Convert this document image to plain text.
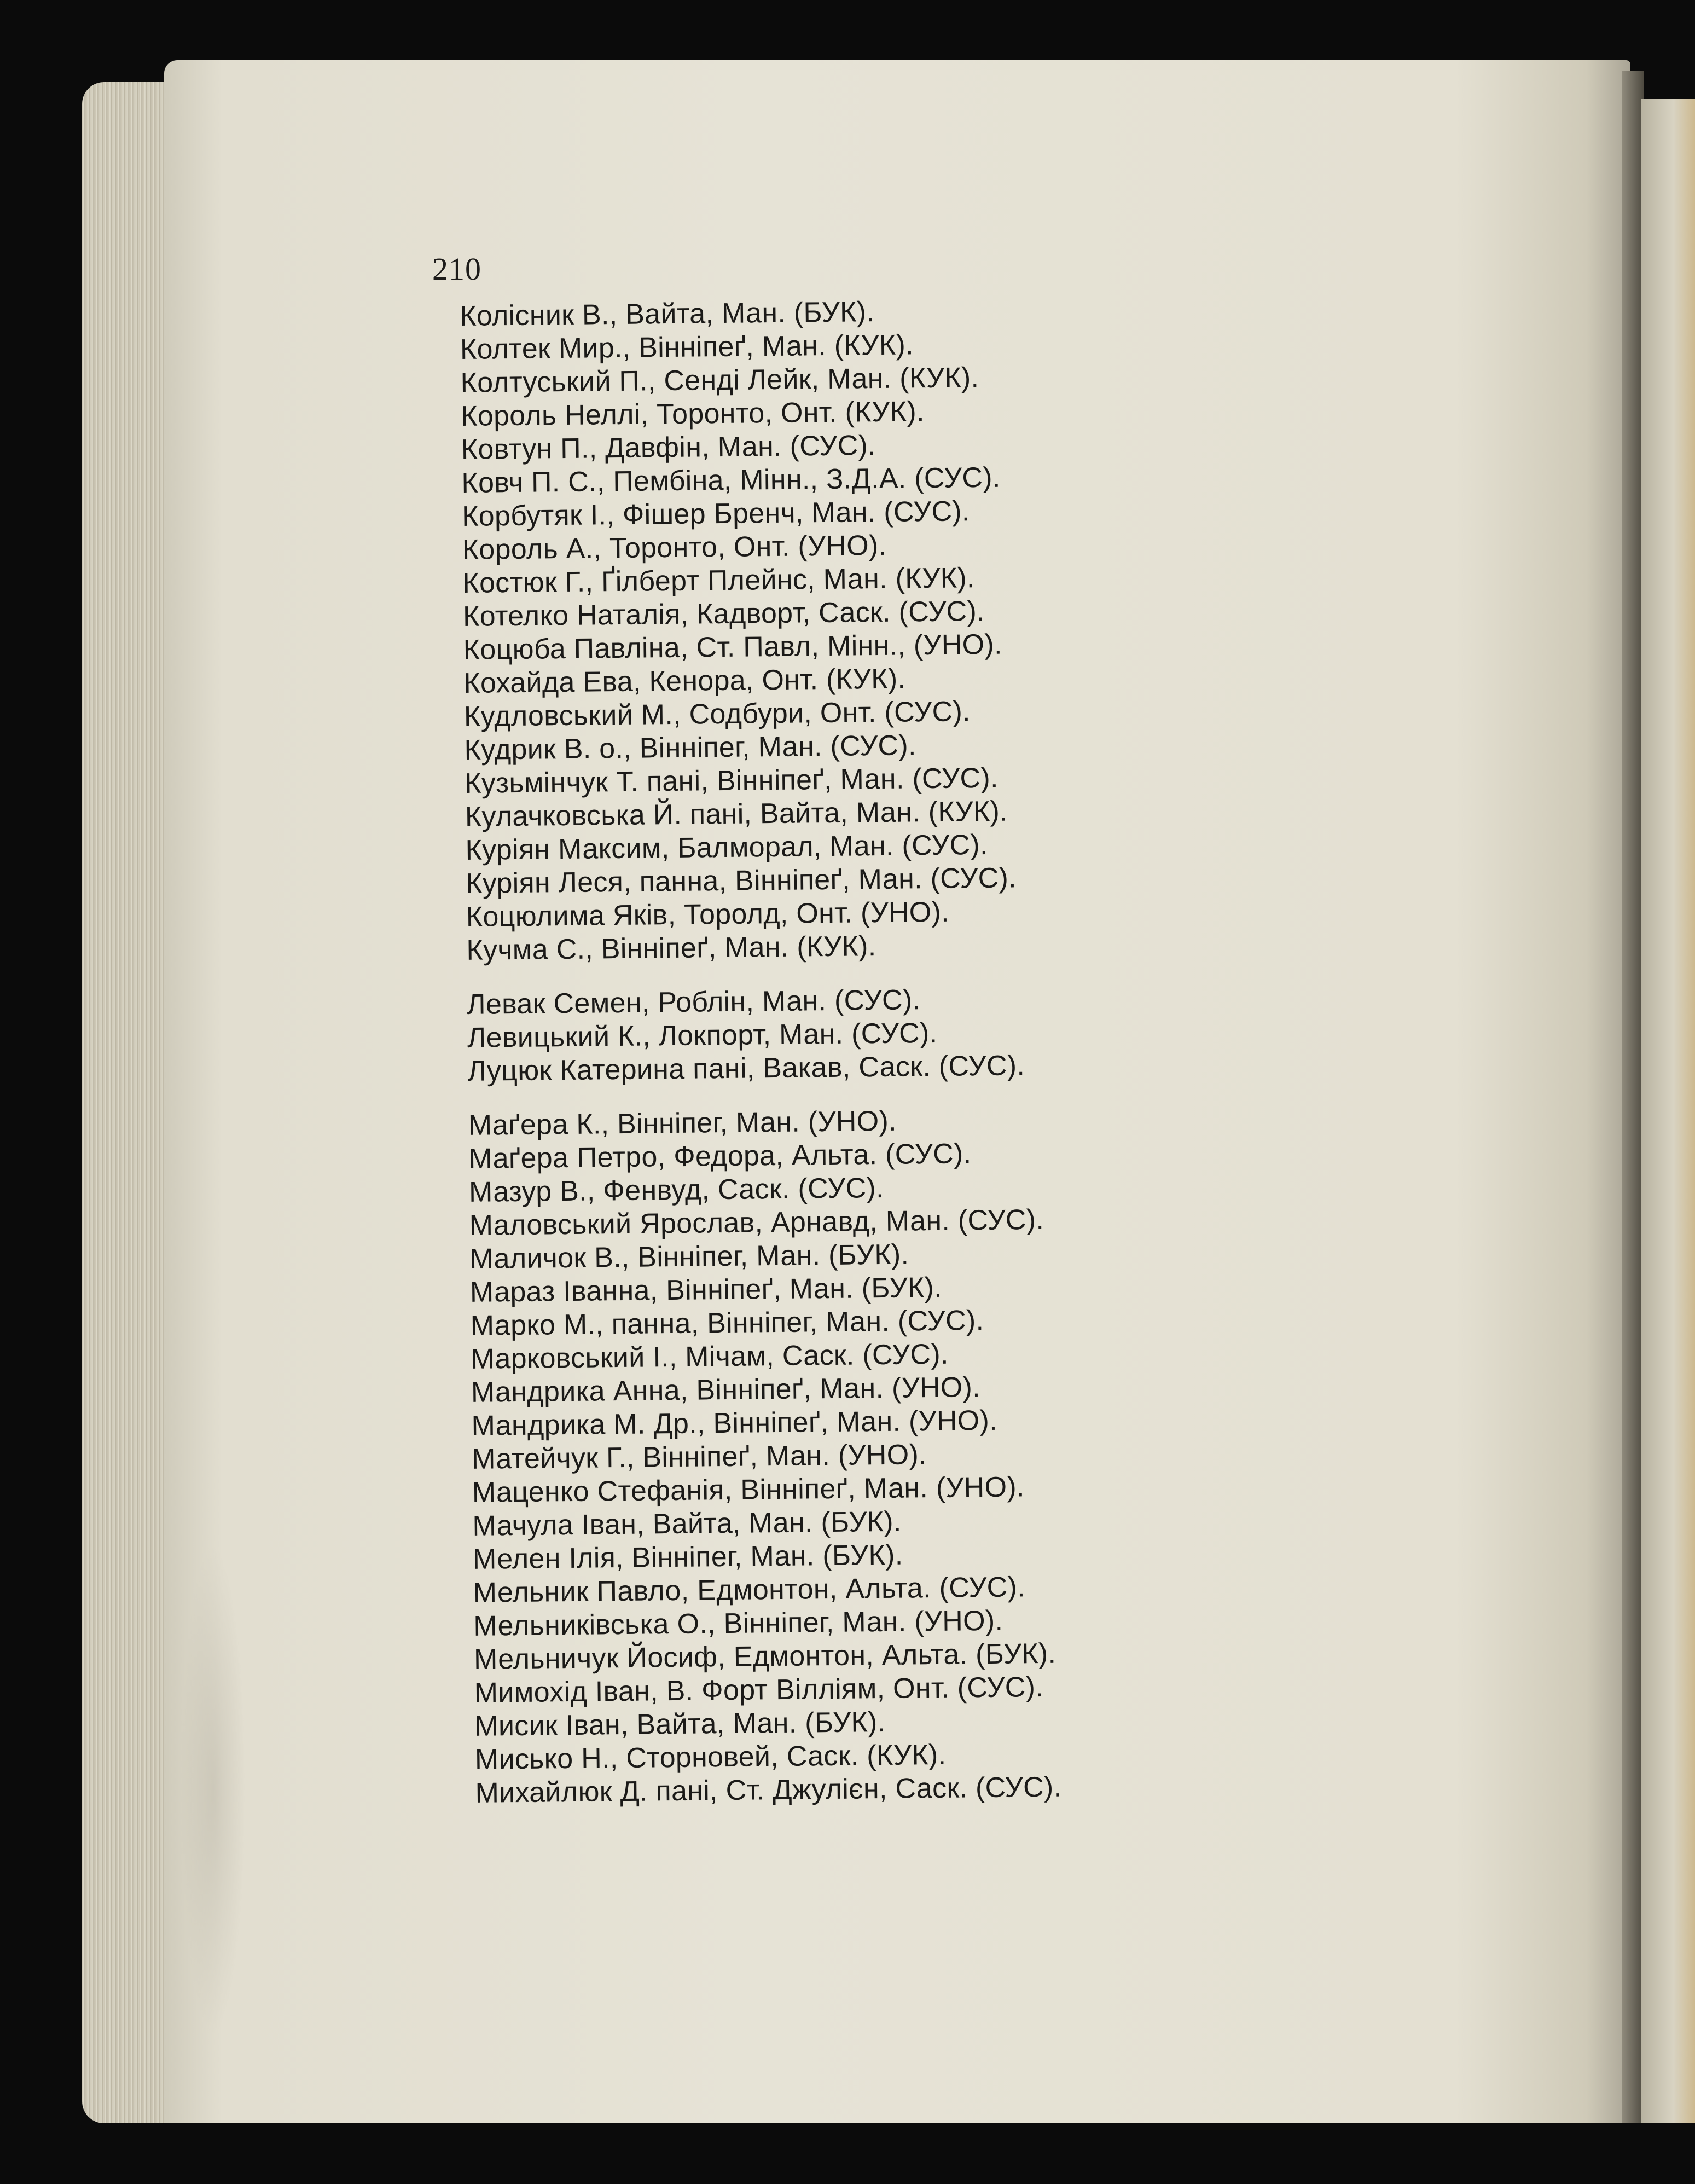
210
Колісник В., Вайта, Ман. (БУК).
Колтек Мир., Вінніпеґ, Ман. (КУК).
Колтуський П., Сенді Лейк, Ман. (КУК).
Король Неллі, Торонто, Онт. (КУК).
Ковтун П., Давфін, Ман. (СУС).
Ковч П. С., Пембіна, Мінн., З.Д.А. (СУС).
Корбутяк І., Фішер Бренч, Ман. (СУС).
Король А., Торонто, Онт. (УНО).
Костюк Г., Ґілберт Плейнс, Ман. (КУК).
Котелко Наталія, Кадворт, Саск. (СУС).
Коцюба Павліна, Ст. Павл, Мінн., (УНО).
Кохайда Ева, Кенора, Онт. (КУК).
Кудловський М., Содбури, Онт. (СУС).
Кудрик В. о., Вінніпег, Ман. (СУС).
Кузьмінчук Т. пані, Вінніпеґ, Ман. (СУС).
Кулачковська Й. пані, Вайта, Ман. (КУК).
Куріян Максим, Балморал, Ман. (СУС).
Куріян Леся, панна, Вінніпеґ, Ман. (СУС).
Коцюлима Яків, Торолд, Онт. (УНО).
Кучма С., Вінніпеґ, Ман. (КУК).
Левак Семен, Роблін, Ман. (СУС).
Левицький К., Локпорт, Ман. (СУС).
Луцюк Катерина пані, Вакав, Саск. (СУС).
Маґера К., Вінніпег, Ман. (УНО).
Маґера Петро, Федора, Альта. (СУС).
Мазур В., Фенвуд, Саск. (СУС).
Маловський Ярослав, Арнавд, Ман. (СУС).
Маличок В., Вінніпег, Ман. (БУК).
Мараз Іванна, Вінніпеґ, Ман. (БУК).
Марко М., панна, Вінніпег, Ман. (СУС).
Марковський І., Мічам, Саск. (СУС).
Мандрика Анна, Вінніпеґ, Ман. (УНО).
Мандрика М. Др., Вінніпеґ, Ман. (УНО).
Матейчук Г., Вінніпеґ, Ман. (УНО).
Маценко Стефанія, Вінніпеґ, Ман. (УНО).
Мачула Іван, Вайта, Ман. (БУК).
Мелен Ілія, Вінніпег, Ман. (БУК).
Мельник Павло, Едмонтон, Альта. (СУС).
Мельниківська О., Вінніпег, Ман. (УНО).
Мельничук Йосиф, Едмонтон, Альта. (БУК).
Мимохід Іван, В. Форт Вілліям, Онт. (СУС).
Мисик Іван, Вайта, Ман. (БУК).
Мисько Н., Сторновей, Саск. (КУК).
Михайлюк Д. пані, Ст. Джулієн, Саск. (СУС).
